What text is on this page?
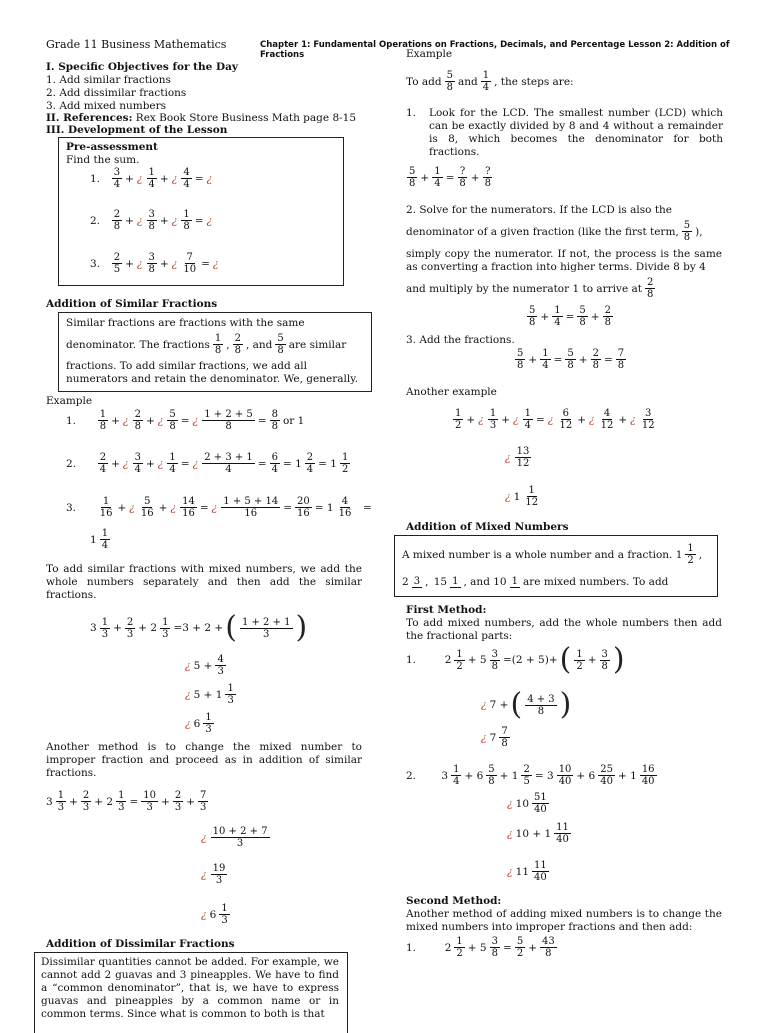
Grade 11 Business Mathematics	Chapter 1: Fundamental Operations on Fractions, Decimals, and Percentage Lesson 2: Addition of Fractions
I. Specific Objectives for the Day
1. Add similar fractions
2. Add dissimilar fractions
3. Add mixed numbers
II. References: Rex Book Store Business Math page 8-15
III. Development of the Lesson
Pre-assessment
Find the sum.
1.
$\frac{3}{4}$ + ¿ $\frac{1}{4}$ + ¿ $\frac{4}{4}$ = ¿
2.
$\frac{2}{8}$ + ¿ $\frac{3}{8}$ + ¿ $\frac{1}{8}$ = ¿
3.
$\frac{2}{5}$ + ¿ $\frac{3}{8}$ + ¿ $\frac{7}{10}$ = ¿
Addition of Similar Fractions
Similar fractions are fractions with the same
denominator. The fractions $\frac{1}{8}$ , $\frac{2}{8}$ , and $\frac{5}{8}$ are similar
fractions. To add similar fractions, we add all
numerators and retain the denominator. We, generally.
Example
1.
$\frac{1}{8}$ + ¿ $\frac{2}{8}$ + ¿ $\frac{5}{8}$ = ¿ $\frac{1 + 2 + 5}{8} = \frac{8}{8}$ or 1
2.
$\frac{2}{4}$ + ¿ $\frac{3}{4}$ + ¿ $\frac{1}{4}$ = ¿ $\frac{2 + 3 + 1}{4} = \frac{6}{4} = 1 \frac{2}{4} = 1 \frac{1}{2}$
3.
$\frac{1}{16}$ + ¿ $\frac{5}{16}$ + ¿ $\frac{14}{16}$ = ¿ $\frac{1 + 5 + 14}{16} = \frac{20}{16} = 1 \frac{4}{16}$ =
$1 \frac{1}{4}$
To add similar fractions with mixed numbers, we add the whole numbers separately and then add the similar fractions.
$3 \frac{1}{3} + \frac{2}{3} + 2 \frac{1}{3} =3 + 2$ + ( $\frac{1 + 2 + 1}{3}$ )
¿ $5 + \frac{4}{3}$
¿ $5 + 1 \frac{1}{3}$
¿ $6 \frac{1}{3}$
Another method is to change the mixed number to improper fraction and proceed as in addition of similar fractions.
$3 \frac{1}{3} + \frac{2}{3} + 2 \frac{1}{3} = \frac{10}{3} + \frac{2}{3} + \frac{7}{3}$
¿ $\frac{10 + 2 + 7}{3}$
¿ $\frac{19}{3}$
¿ $6 \frac{1}{3}$
Addition of Dissimilar Fractions
Dissimilar quantities cannot be added. For example, we cannot add 2 guavas and 3 pineapples. We have to find a “common denominator”, that is, we have to express guavas and pineapples by a common name or in common terms. Since what is common to both is that
Example
To add $\frac{5}{8}$ and $\frac{1}{4}$ , the steps are:
1. Look for the LCD. The smallest number (LCD) which can be exactly divided by 8 and 4 without a remainder is 8, which becomes the denominator for both fractions.
$\frac{5}{8} + \frac{1}{4} = \frac{?}{8} + \frac{?}{8}$
2. Solve for the numerators. If the LCD is also the
denominator of a given fraction (like the first term, $\frac{5}{8}$ ),
simply copy the numerator. If not, the process is the same as converting a fraction into higher terms. Divide 8 by 4
and multiply by the numerator 1 to arrive at $\frac{2}{8}$
$\frac{5}{8} + \frac{1}{4} = \frac{5}{8} + \frac{2}{8}$
3. Add the fractions.
$\frac{5}{8} + \frac{1}{4} = \frac{5}{8} + \frac{2}{8} = \frac{7}{8}$
Another example
$\frac{1}{2}$ + ¿ $\frac{1}{3}$ + ¿ $\frac{1}{4}$ = ¿ $\frac{6}{12}$ + ¿ $\frac{4}{12}$ + ¿ $\frac{3}{12}$
¿ $\frac{13}{12}$
¿ $1 \frac{1}{12}$
Addition of Mixed Numbers
A mixed number is a whole number and a fraction. $1 \frac{1}{2}$ ,
2 3 , 15 1 , and 10 1 are mixed numbers. To add
First Method:
To add mixed numbers, add the whole numbers then add the fractional parts:
1. $2 \frac{1}{2} + 5 \frac{3}{8} =(2 + 5)+$ ( $\frac{1}{2} + \frac{3}{8}$ )
¿ 7 + ( $\frac{4 + 3}{8}$ )
¿ $7 \frac{7}{8}$
2. $3 \frac{1}{4} + 6 \frac{5}{8} + 1 \frac{2}{5} = 3 \frac{10}{40} + 6 \frac{25}{40} + 1 \frac{16}{40}$
¿ $10 \frac{51}{40}$
¿ $10 + 1 \frac{11}{40}$
¿ $11 \frac{11}{40}$
Second Method:
Another method of adding mixed numbers is to change the mixed numbers into improper fractions and then add:
1. $2 \frac{1}{2} + 5 \frac{3}{8} = \frac{5}{2} + \frac{43}{8}$
